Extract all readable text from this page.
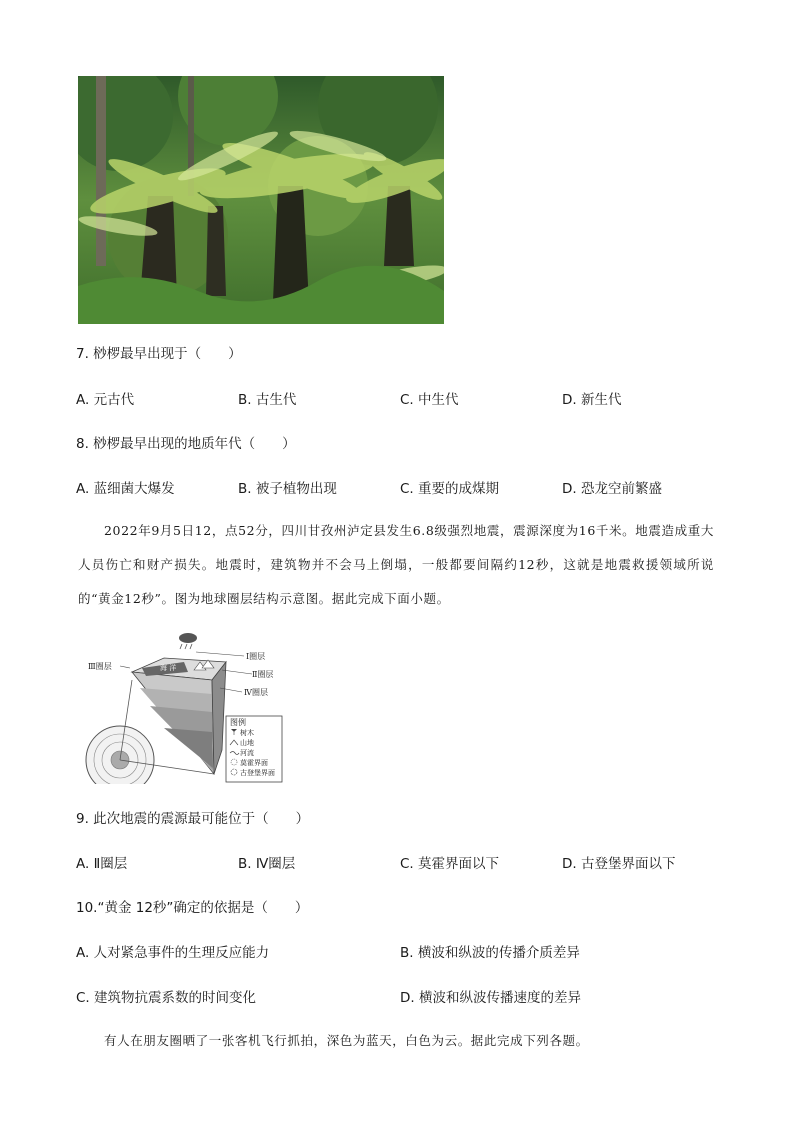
7. 桫椤最早出现于（　　）
A. 元古代	B. 古生代	C. 中生代	D. 新生代
8. 桫椤最早出现的地质年代（　　）
A. 蓝细菌大爆发	B. 被子植物出现	C. 重要的成煤期	D. 恐龙空前繁盛
2022年9月5日12，点52分，四川甘孜州泸定县发生6.8级强烈地震，震源深度为16千米。地震造成重大人员伤亡和财产损失。地震时，建筑物并不会马上倒塌，一般都要间隔约12秒，这就是地震救援领域所说的“黄金12秒”。图为地球圈层结构示意图。据此完成下面小题。
海 洋
Ⅰ圈层
Ⅱ圈层
Ⅲ圈层
Ⅳ圈层
图例
树木
山地
河流
莫霍界面
古登堡界面
9. 此次地震的震源最可能位于（　　）
A. Ⅱ圈层	B. Ⅳ圈层	C. 莫霍界面以下	D. 古登堡界面以下
10.“黄金 12秒”确定的依据是（　　）
A. 人对紧急事件的生理反应能力	B. 横波和纵波的传播介质差异
C. 建筑物抗震系数的时间变化	D. 横波和纵波传播速度的差异
有人在朋友圈晒了一张客机飞行抓拍，深色为蓝天，白色为云。据此完成下列各题。
